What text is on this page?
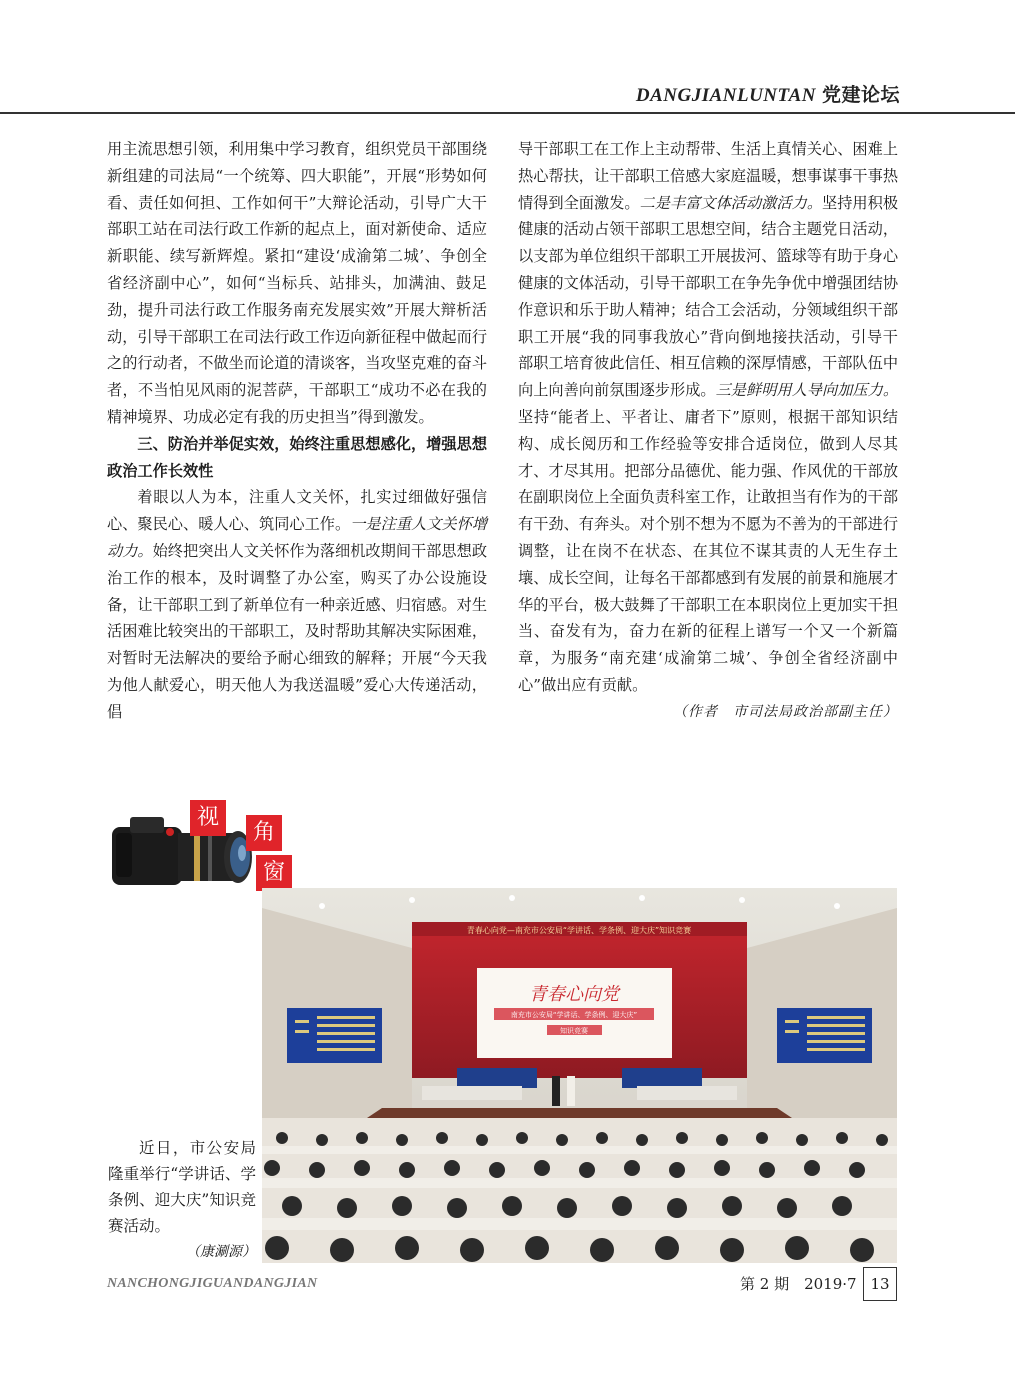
DANGJIANLUNTAN 党建论坛

用主流思想引领，利用集中学习教育，组织党员干部围绕新组建的司法局“一个统筹、四大职能”，开展“形势如何看、责任如何担、工作如何干”大辩论活动，引导广大干部职工站在司法行政工作新的起点上，面对新使命、适应新职能、续写新辉煌。紧扣“建设‘成渝第二城’、争创全省经济副中心”，如何“当标兵、站排头，加满油、鼓足劲，提升司法行政工作服务南充发展实效”开展大辩析活动，引导干部职工在司法行政工作迈向新征程中做起而行之的行动者，不做坐而论道的清谈客，当攻坚克难的奋斗者，不当怕见风雨的泥菩萨，干部职工“成功不必在我的精神境界、功成必定有我的历史担当”得到激发。

三、防治并举促实效，始终注重思想感化，增强思想政治工作长效性

着眼以人为本，注重人文关怀，扎实过细做好强信心、聚民心、暖人心、筑同心工作。一是注重人文关怀增动力。始终把突出人文关怀作为落细机改期间干部思想政治工作的根本，及时调整了办公室，购买了办公设施设备，让干部职工到了新单位有一种亲近感、归宿感。对生活困难比较突出的干部职工，及时帮助其解决实际困难，对暂时无法解决的要给予耐心细致的解释；开展“今天我为他人献爱心，明天他人为我送温暖”爱心大传递活动，倡

导干部职工在工作上主动帮带、生活上真情关心、困难上热心帮扶，让干部职工倍感大家庭温暖，想事谋事干事热情得到全面激发。二是丰富文体活动激活力。坚持用积极健康的活动占领干部职工思想空间，结合主题党日活动，以支部为单位组织干部职工开展拔河、篮球等有助于身心健康的文体活动，引导干部职工在争先争优中增强团结协作意识和乐于助人精神；结合工会活动，分领域组织干部职工开展“我的同事我放心”背向倒地接扶活动，引导干部职工培育彼此信任、相互信赖的深厚情感，干部队伍中向上向善向前氛围逐步形成。三是鲜明用人导向加压力。坚持“能者上、平者让、庸者下”原则，根据干部知识结构、成长阅历和工作经验等安排合适岗位，做到人尽其才、才尽其用。把部分品德优、能力强、作风优的干部放在副职岗位上全面负责科室工作，让敢担当有作为的干部有干劲、有奔头。对个别不想为不愿为不善为的干部进行调整，让在岗不在状态、在其位不谋其责的人无生存土壤、成长空间，让每名干部都感到有发展的前景和施展才华的平台，极大鼓舞了干部职工在本职岗位上更加实干担当、奋发有为，奋力在新的征程上谱写一个又一个新篇章，为服务“南充建‘成渝第二城’、争创全省经济副中心”做出应有贡献。

（作者　市司法局政治部副主任）

视
角
窗
青春心向党—南充市公安局“学讲话、学条例、迎大庆”知识竞赛
青春心向党
南充市公安局“学讲话、学条例、迎大庆”
知识竞赛
近日，市公安局隆重举行“学讲话、学条例、迎大庆”知识竞赛活动。
（康涮源）
NANCHONGJIGUANDANGJIAN	第 2 期　2019·7 13
